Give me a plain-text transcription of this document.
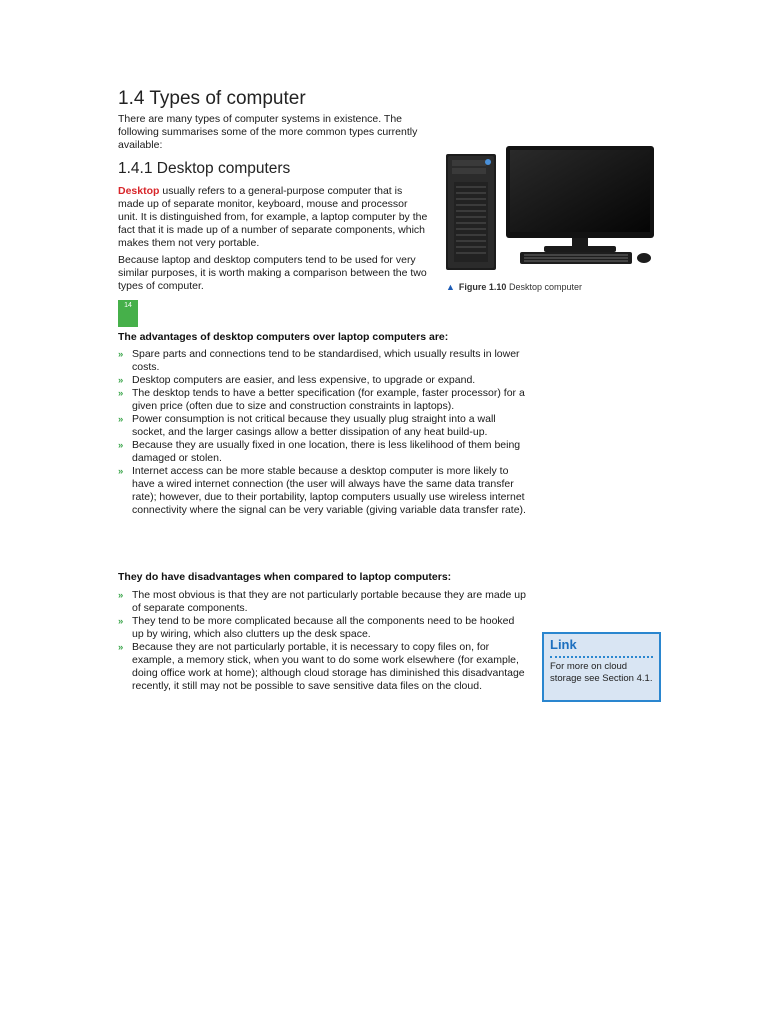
1.4 Types of computer

There are many types of computer systems in existence. The following summarises some of the more common types currently available:

1.4.1 Desktop computers

Desktop usually refers to a general-purpose computer that is made up of separate monitor, keyboard, mouse and processor unit. It is distinguished from, for example, a laptop computer by the fact that it is made up of a number of separate components, which makes them not very portable.

Because laptop and desktop computers tend to be used for very similar purposes, it is worth making a comparison between the two types of computer.	▲ Figure 1.10 Desktop computer
14
The advantages of desktop computers over laptop computers are:
» Spare parts and connections tend to be standardised, which usually results in lower costs.
» Desktop computers are easier, and less expensive, to upgrade or expand.
» The desktop tends to have a better specification (for example, faster processor) for a given price (often due to size and construction constraints in laptops).
» Power consumption is not critical because they usually plug straight into a wall socket, and the larger casings allow a better dissipation of any heat build-up.
» Because they are usually fixed in one location, there is less likelihood of them being damaged or stolen.
» Internet access can be more stable because a desktop computer is more likely to have a wired internet connection (the user will always have the same data transfer rate); however, due to their portability, laptop computers usually use wireless internet connectivity where the signal can be very variable (giving variable data transfer rate).
They do have disadvantages when compared to laptop computers:
» The most obvious is that they are not particularly portable because they are made up of separate components.
» They tend to be more complicated because all the components need to be hooked up by wiring, which also clutters up the desk space.
» Because they are not particularly portable, it is necessary to copy files on, for example, a memory stick, when you want to do some work elsewhere (for example, doing office work at home); although cloud storage has diminished this disadvantage recently, it still may not be possible to save sensitive data files on the cloud.
Link
For more on cloud storage see Section 4.1.
